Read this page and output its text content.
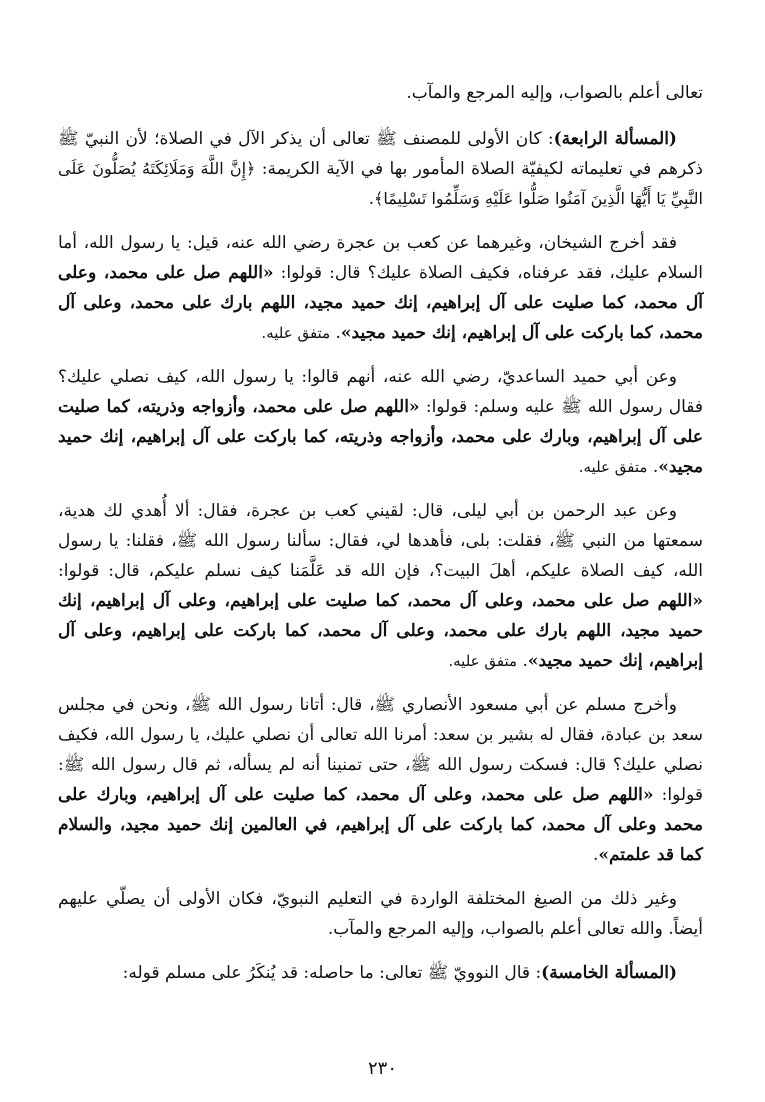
تعالى أعلم بالصواب، وإليه المرجع والمآب.

(المسألة الرابعة): كان الأولى للمصنف ﷺ تعالى أن يذكر الآل في الصلاة؛ لأن النبيّ ﷺ ذكرهم في تعليماته لكيفيّة الصلاة المأمور بها في الآية الكريمة: ﴿إِنَّ اللَّهَ وَمَلَائِكَتَهُ يُصَلُّونَ عَلَى النَّبِيِّ يَا أَيُّهَا الَّذِينَ آمَنُوا صَلُّوا عَلَيْهِ وَسَلِّمُوا تَسْلِيمًا﴾.

فقد أخرج الشيخان، وغيرهما عن كعب بن عجرة رضي الله عنه، قيل: يا رسول الله، أما السلام عليك، فقد عرفناه، فكيف الصلاة عليك؟ قال: قولوا: «اللهم صل على محمد، وعلى آل محمد، كما صليت على آل إبراهيم، إنك حميد مجيد، اللهم بارك على محمد، وعلى آل محمد، كما باركت على آل إبراهيم، إنك حميد مجيد». متفق عليه.

وعن أبي حميد الساعديّ، رضي الله عنه، أنهم قالوا: يا رسول الله، كيف نصلي عليك؟ فقال رسول الله ﷺ عليه وسلم: قولوا: «اللهم صل على محمد، وأزواجه وذريته، كما صليت على آل إبراهيم، وبارك على محمد، وأزواجه وذريته، كما باركت على آل إبراهيم، إنك حميد مجيد». متفق عليه.

وعن عبد الرحمن بن أبي ليلى، قال: لقيني كعب بن عجرة، فقال: ألا أُهدي لك هدية، سمعتها من النبي ﷺ، فقلت: بلى، فأهدها لي، فقال: سألنا رسول الله ﷺ، فقلنا: يا رسول الله، كيف الصلاة عليكم، أهلَ البيت؟، فإن الله قد عَلَّمَنا كيف نسلم عليكم، قال: قولوا: «اللهم صل على محمد، وعلى آل محمد، كما صليت على إبراهيم، وعلى آل إبراهيم، إنك حميد مجيد، اللهم بارك على محمد، وعلى آل محمد، كما باركت على إبراهيم، وعلى آل إبراهيم، إنك حميد مجيد». متفق عليه.

وأخرج مسلم عن أبي مسعود الأنصاري ﷺ، قال: أتانا رسول الله ﷺ، ونحن في مجلس سعد بن عبادة، فقال له بشير بن سعد: أمرنا الله تعالى أن نصلي عليك، يا رسول الله، فكيف نصلي عليك؟ قال: فسكت رسول الله ﷺ، حتى تمنينا أنه لم يسأله، ثم قال رسول الله ﷺ: قولوا: «اللهم صل على محمد، وعلى آل محمد، كما صليت على آل إبراهيم، وبارك على محمد وعلى آل محمد، كما باركت على آل إبراهيم، في العالمين إنك حميد مجيد، والسلام كما قد علمتم».

وغير ذلك من الصيغ المختلفة الواردة في التعليم النبويّ، فكان الأولى أن يصلّي عليهم أيضاً. والله تعالى أعلم بالصواب، وإليه المرجع والمآب.

(المسألة الخامسة): قال النوويّ ﷺ تعالى: ما حاصله: قد يُنكَرُ على مسلم قوله:

٢٣٠
